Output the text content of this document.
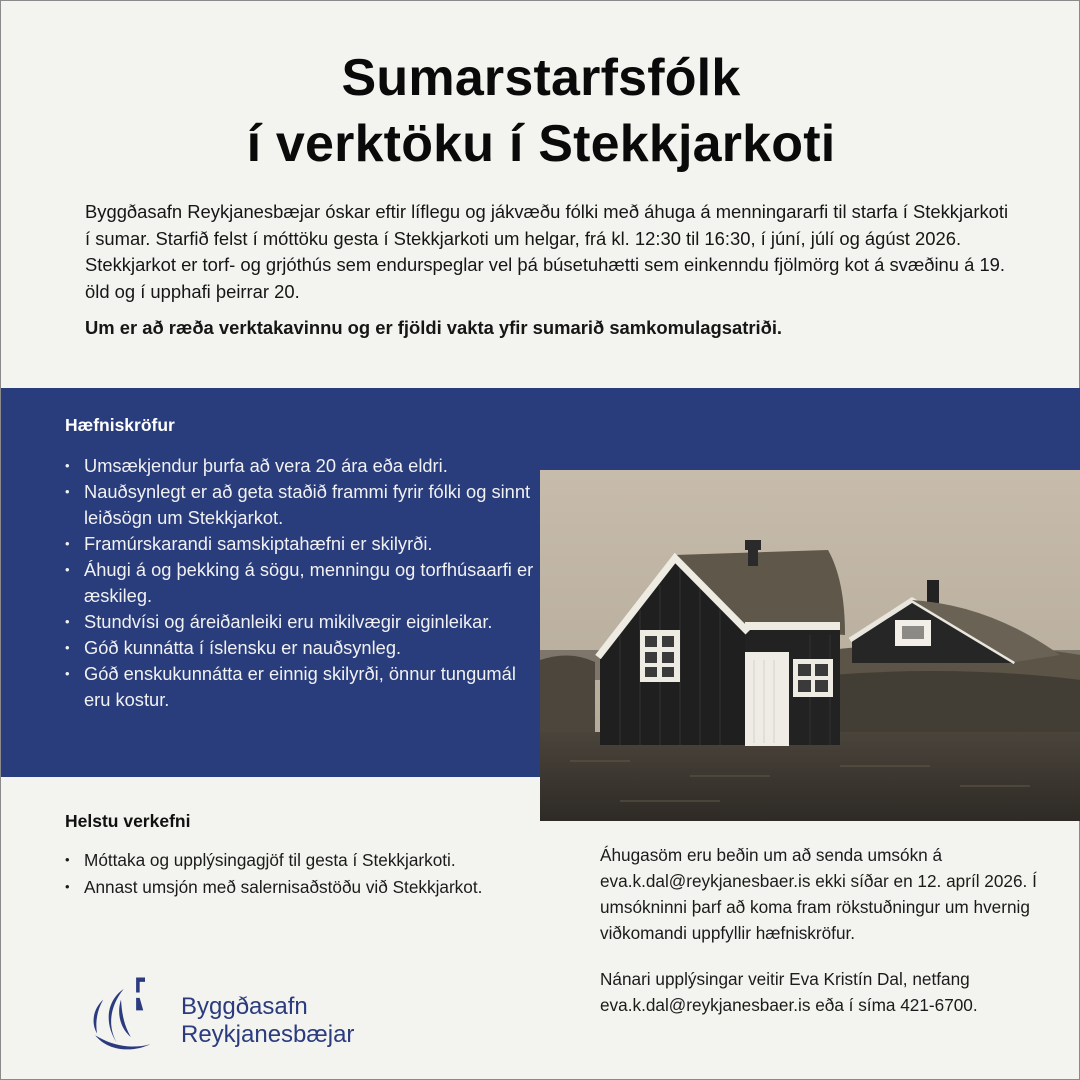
Sumarstarfsfólk
í verktöku í Stekkjarkoti

Byggðasafn Reykjanesbæjar óskar eftir líflegu og jákvæðu fólki með áhuga á menningararfi til starfa í Stekkjarkoti í sumar. Starfið felst í móttöku gesta í Stekkjarkoti um helgar, frá kl. 12:30 til 16:30, í júní, júlí og ágúst 2026. Stekkjarkot er torf- og grjóthús sem endurspeglar vel þá búsetuhætti sem einkenndu fjölmörg kot á svæðinu á 19. öld og í upphafi þeirrar 20.

Um er að ræða verktakavinnu og er fjöldi vakta yfir sumarið samkomulagsatriði.

Hæfniskröfur
• Umsækjendur þurfa að vera 20 ára eða eldri.
• Nauðsynlegt er að geta staðið frammi fyrir fólki og sinnt leiðsögn um Stekkjarkot.
• Framúrskarandi samskiptahæfni er skilyrði.
• Áhugi á og þekking á sögu, menningu og torfhúsaarfi er æskileg.
• Stundvísi og áreiðanleiki eru mikilvægir eiginleikar.
• Góð kunnátta í íslensku er nauðsynleg.
• Góð enskukunnátta er einnig skilyrði, önnur tungumál eru kostur.
Helstu verkefni
• Móttaka og upplýsingagjöf til gesta í Stekkjarkoti.
• Annast umsjón með salernisaðstöðu við Stekkjarkot.

Áhugasöm eru beðin um að senda umsókn á eva.k.dal@reykjanesbaer.is ekki síðar en 12. apríl 2026. Í umsókninni þarf að koma fram rökstuðningur um hvernig viðkomandi uppfyllir hæfniskröfur.

Nánari upplýsingar veitir Eva Kristín Dal, netfang eva.k.dal@reykjanesbaer.is eða í síma 421-6700.

Byggðasafn
Reykjanesbæjar
